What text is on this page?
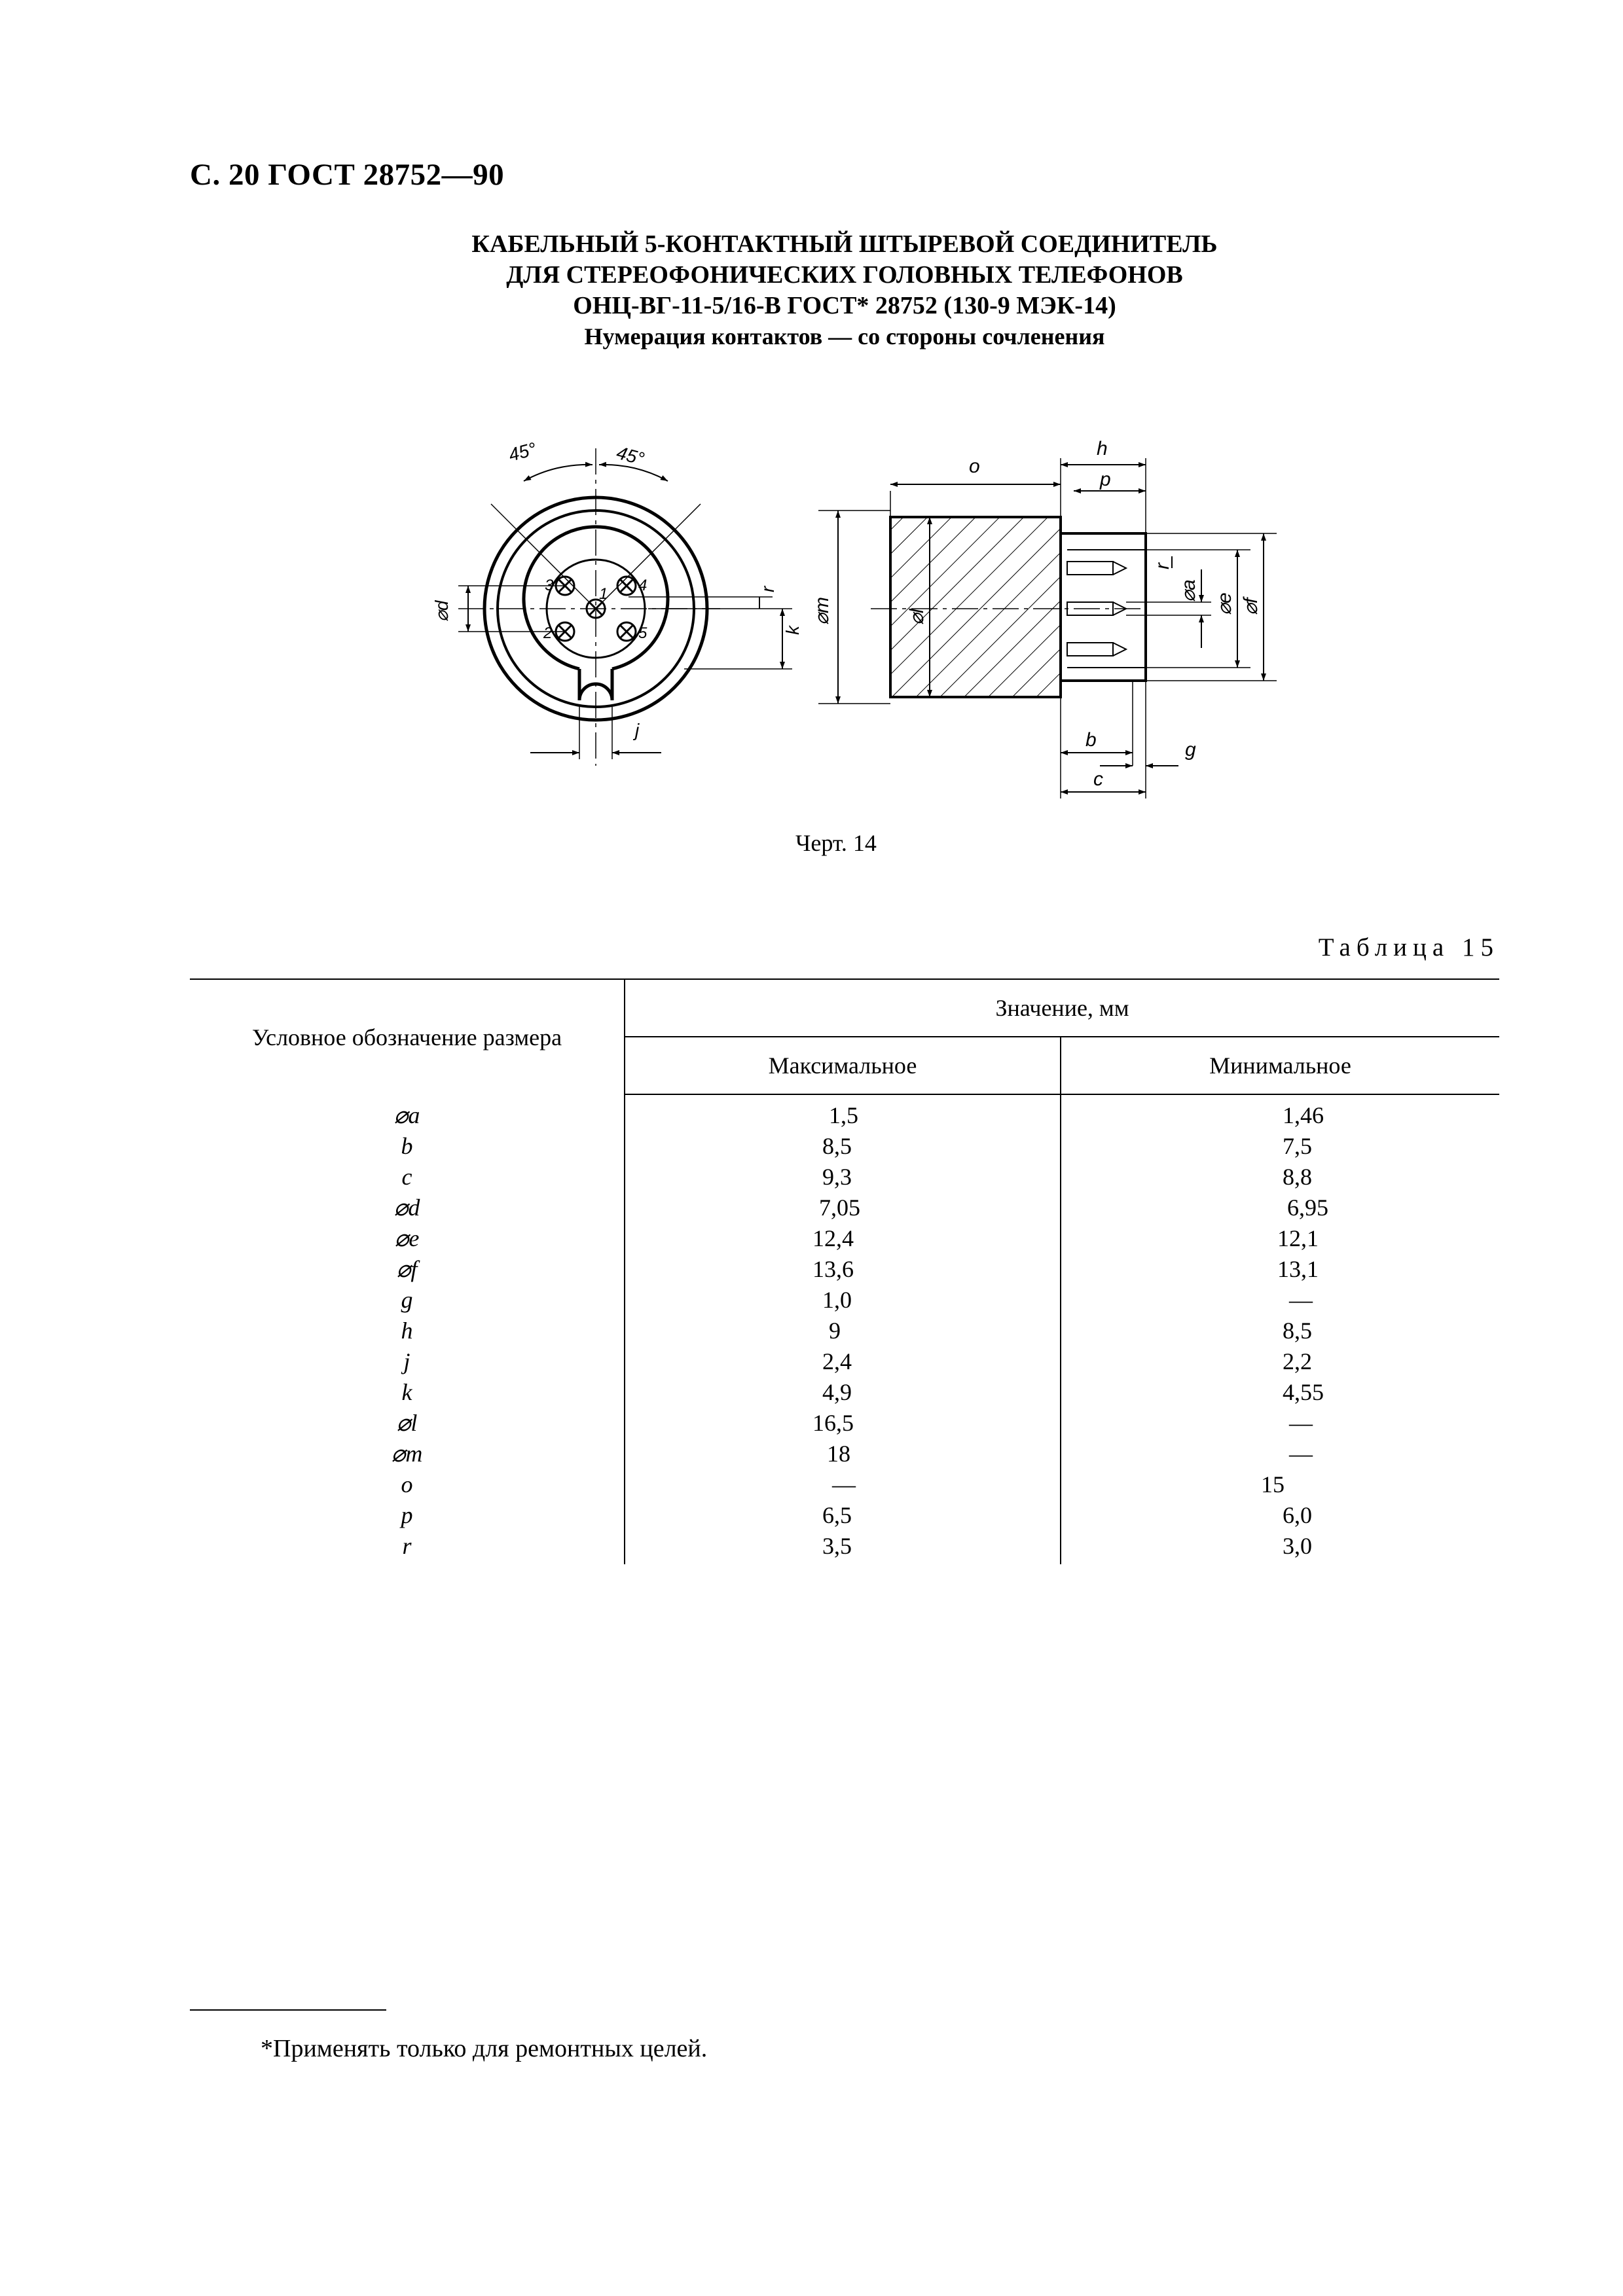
С. 20 ГОСТ 28752—90
КАБЕЛЬНЫЙ 5-КОНТАКТНЫЙ ШТЫРЕВОЙ СОЕДИНИТЕЛЬ
ДЛЯ СТЕРЕОФОНИЧЕСКИХ ГОЛОВНЫХ ТЕЛЕФОНОВ
ОНЦ-ВГ-11-5/16-В ГОСТ* 28752 (130-9 МЭК-14)
Нумерация контактов — со стороны сочленения
45°	45°
⌀d
r
k
j
1
2
3	4
5
o
h
p
⌀m	⌀l
r
⌀a
⌀e ⌀f
b	g
c
Черт. 14
Таблица 15
Условное обозначение размера	Значение, мм	
	Максимальное	Минимальное
⌀a	1,5	1,46
b	8,5	7,5
c	9,3	8,8
⌀d	7,05	6,95
⌀e	12,4	12,1
⌀f	13,6	13,1
g	1,0	—
h	9	8,5
j	2,4	2,2
k	4,9	4,55
⌀l	16,5	—
⌀m	18	—
o	—	15
p	6,5	6,0
r	3,5	3,0
*Применять только для ремонтных целей.
